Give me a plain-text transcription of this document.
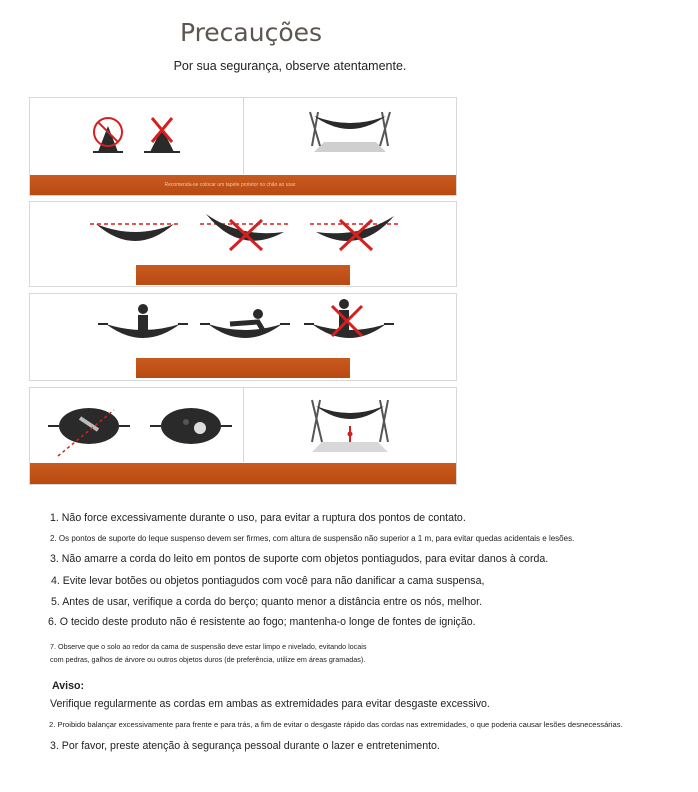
Precauções
Por sua segurança, observe atentamente.
Recomenda-se colocar um tapete protetor no chão ao usar
1. Não force excessivamente durante o uso, para evitar a ruptura dos pontos de contato.
2. Os pontos de suporte do leque suspenso devem ser firmes, com altura de suspensão não superior a 1 m, para evitar quedas acidentais e lesões.
3. Não amarre a corda do leito em pontos de suporte com objetos pontiagudos, para evitar danos à corda.
4. Evite levar botões ou objetos pontiagudos com você para não danificar a cama suspensa,
5. Antes de usar, verifique a corda do berço; quanto menor a distância entre os nós, melhor.
6. O tecido deste produto não é resistente ao fogo; mantenha-o longe de fontes de ignição.
7. Observe que o solo ao redor da cama de suspensão deve estar limpo e nivelado, evitando locais
com pedras, galhos de árvore ou outros objetos duros (de preferência, utilize em áreas gramadas).
Aviso:
Verifique regularmente as cordas em ambas as extremidades para evitar desgaste excessivo.
2. Proibido balançar excessivamente para frente e para trás, a fim de evitar o desgaste rápido das cordas nas extremidades, o que poderia causar lesões desnecessárias.
3. Por favor, preste atenção à segurança pessoal durante o lazer e entretenimento.
